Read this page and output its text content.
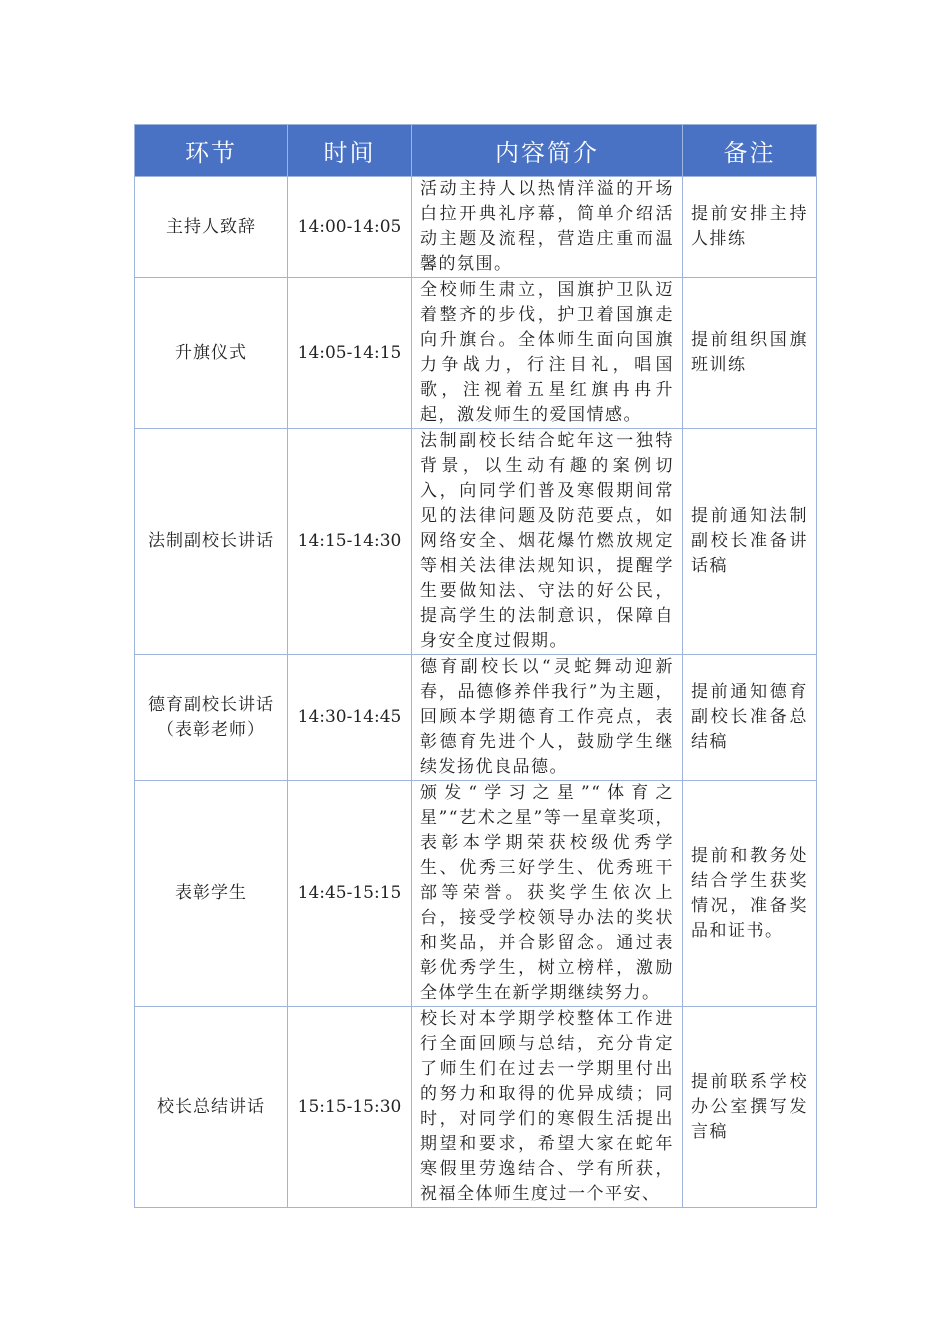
环节	时间	内容简介	备注
主持人致辞	14:00-14:05	活动主持人以热情洋溢的开场白拉开典礼序幕，简单介绍活动主题及流程，营造庄重而温馨的氛围。	提前安排主持人排练
升旗仪式	14:05-14:15	全校师生肃立，国旗护卫队迈着整齐的步伐，护卫着国旗走向升旗台。全体师生面向国旗力争战力，行注目礼，唱国歌，注视着五星红旗冉冉升起，激发师生的爱国情感。	提前组织国旗班训练
法制副校长讲话	14:15-14:30	法制副校长结合蛇年这一独特背景，以生动有趣的案例切入，向同学们普及寒假期间常见的法律问题及防范要点，如网络安全、烟花爆竹燃放规定等相关法律法规知识，提醒学生要做知法、守法的好公民，提高学生的法制意识，保障自身安全度过假期。	提前通知法制副校长准备讲话稿
德育副校长讲话（表彰老师）	14:30-14:45	德育副校长以“灵蛇舞动迎新春，品德修养伴我行”为主题，回顾本学期德育工作亮点，表彰德育先进个人，鼓励学生继续发扬优良品德。	提前通知德育副校长准备总结稿
表彰学生	14:45-15:15	颁发“学习之星”“体育之星”“艺术之星”等一星章奖项，表彰本学期荣获校级优秀学生、优秀三好学生、优秀班干部等荣誉。获奖学生依次上台，接受学校领导办法的奖状和奖品，并合影留念。通过表彰优秀学生，树立榜样，激励全体学生在新学期继续努力。	提前和教务处结合学生获奖情况，准备奖品和证书。
校长总结讲话	15:15-15:30	校长对本学期学校整体工作进行全面回顾与总结，充分肯定了师生们在过去一学期里付出的努力和取得的优异成绩；同时，对同学们的寒假生活提出期望和要求，希望大家在蛇年寒假里劳逸结合、学有所获，祝福全体师生度过一个平安、	提前联系学校办公室撰写发言稿
